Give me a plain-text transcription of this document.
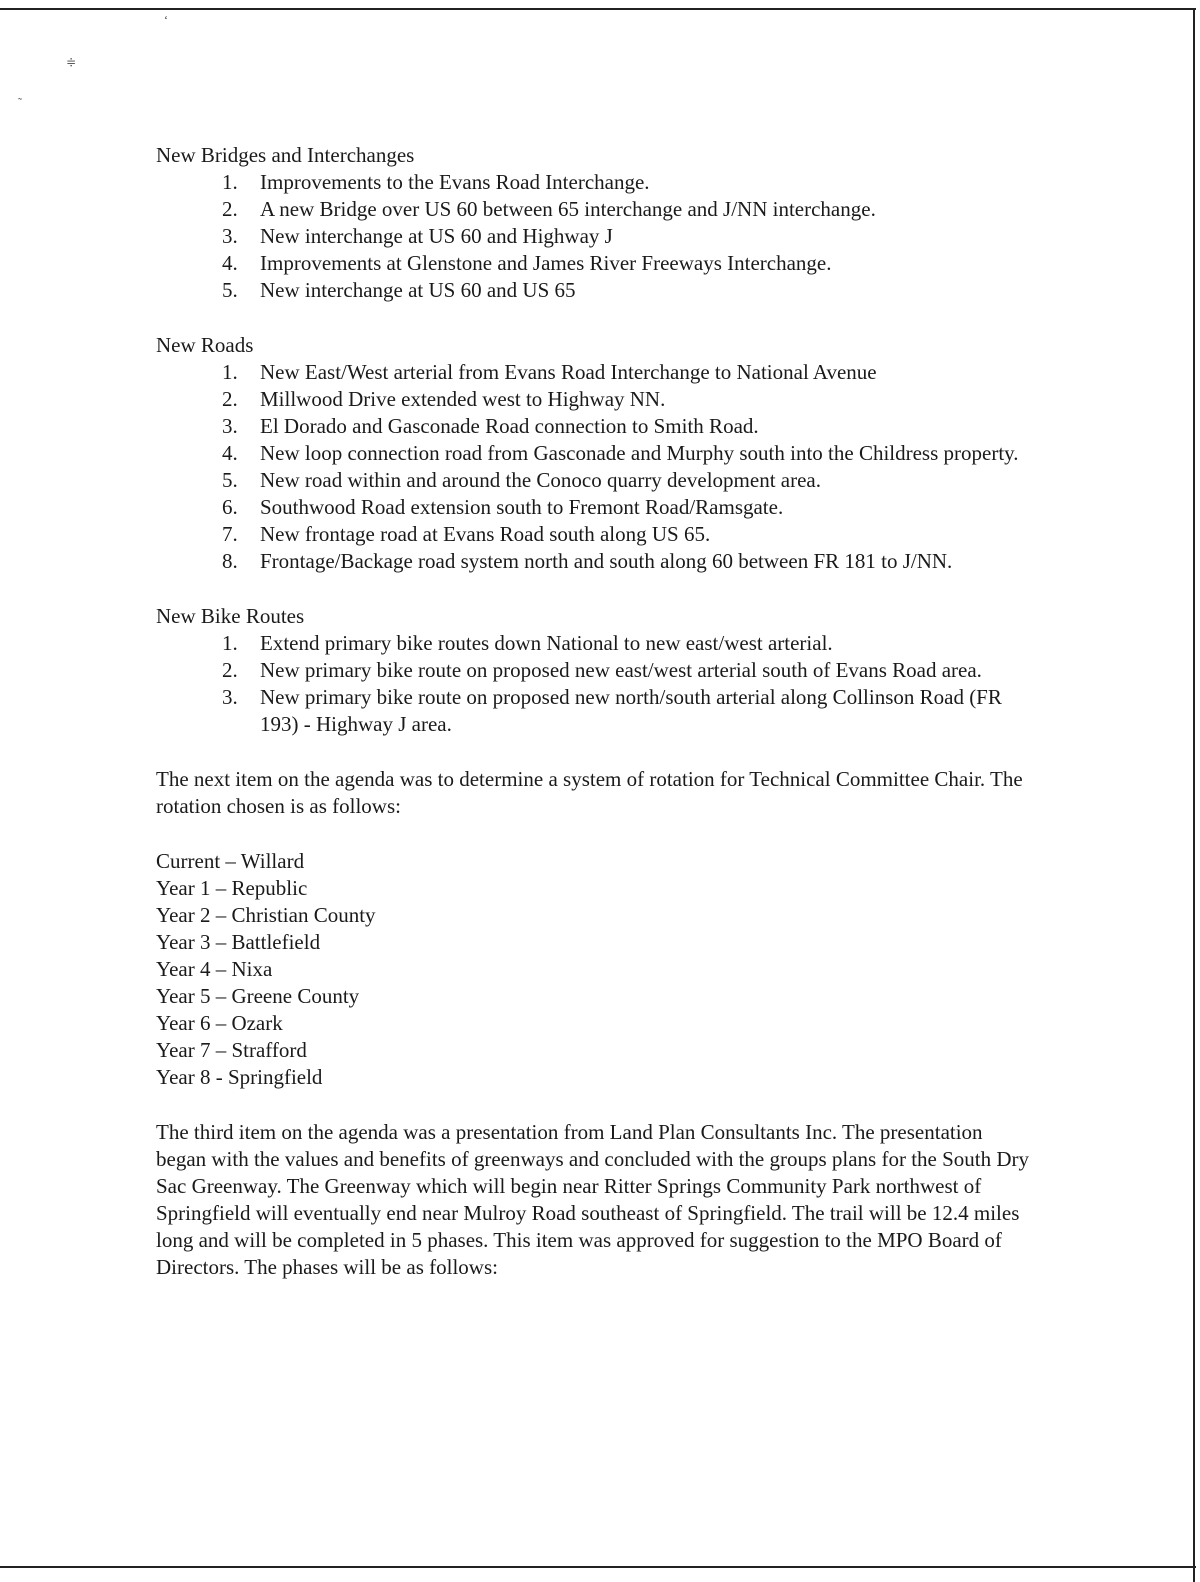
‘
≑
˜

New Bridges and Interchanges

1.	Improvements to the Evans Road Interchange.
2.	A new Bridge over US 60 between 65 interchange and J/NN interchange.
3.	New interchange at US 60 and Highway J
4.	Improvements at Glenstone and James River Freeways Interchange.
5.	New interchange at US 60 and US 65

New Roads

1.	New East/West arterial from Evans Road Interchange to National Avenue
2.	Millwood Drive extended west to Highway NN.
3.	El Dorado and Gasconade Road connection to Smith Road.
4.	New loop connection road from Gasconade and Murphy south into the Childress property.
5.	New road within and around the Conoco quarry development area.
6.	Southwood Road extension south to Fremont Road/Ramsgate.
7.	New frontage road at Evans Road south along US 65.
8.	Frontage/Backage road system north and south along 60 between FR 181 to J/NN.

New Bike Routes

1.	Extend primary bike routes down National to new east/west arterial.
2.	New primary bike route on proposed new east/west arterial south of Evans Road area.
3.	New primary bike route on proposed new north/south arterial along Collinson Road (FR 193) - Highway J area.

The next item on the agenda was to determine a system of rotation for Technical Committee Chair. The rotation chosen is as follows:

Current – Willard
Year 1 – Republic
Year 2 – Christian County
Year 3 – Battlefield
Year 4 – Nixa
Year 5 – Greene County
Year 6 – Ozark
Year 7 – Strafford
Year 8 - Springfield

The third item on the agenda was a presentation from Land Plan Consultants Inc. The presentation began with the values and benefits of greenways and concluded with the groups plans for the South Dry Sac Greenway. The Greenway which will begin near Ritter Springs Community Park northwest of Springfield will eventually end near Mulroy Road southeast of Springfield. The trail will be 12.4 miles long and will be completed in 5 phases. This item was approved for suggestion to the MPO Board of Directors. The phases will be as follows:
